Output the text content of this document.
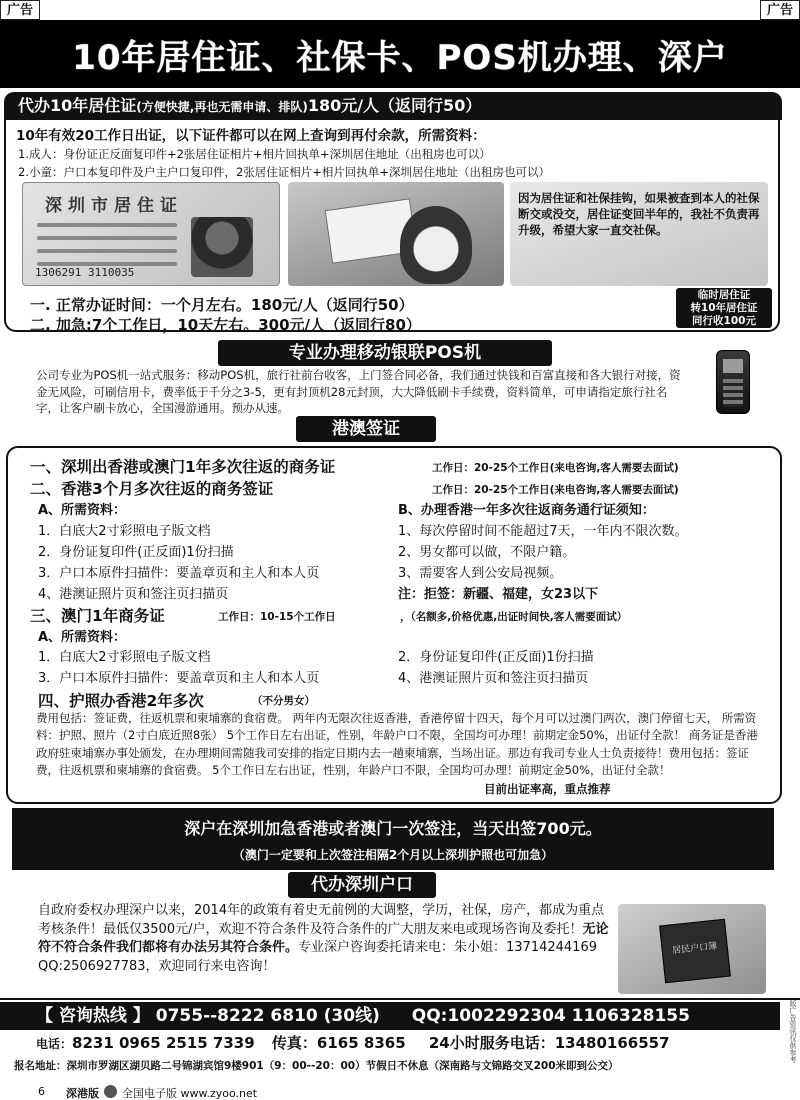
广告	广告
10年居住证、社保卡、POS机办理、深户
代办10年居住证(方便快捷,再也无需申请、排队)180元/人（返同行50）
10年有效20工作日出证，以下证件都可以在网上查询到再付余款，所需资料：
1.成人：身份证正反面复印件+2张居住证相片+相片回执单+深圳居住地址（出租房也可以）
2.小童：户口本复印件及户主户口复印件，2张居住证相片+相片回执单+深圳居住地址（出租房也可以）
深圳市居住证
1306291 3110035
因为居住证和社保挂钩，如果被查到本人的社保断交或没交，居住证变回半年的，我社不负责再升级，希望大家一直交社保。
一. 正常办证时间：一个月左右。180元/人（返同行50）
二. 加急:7个工作日，10天左右。300元/人（返同行80）
临时居住证
转10年居住证
同行收100元
专业办理移动银联POS机
公司专业为POS机一站式服务：移动POS机，旅行社前台收客，上门签合同必备，我们通过快钱和百富直接和各大银行对接，资金无风险，可刷信用卡，费率低于千分之3-5，更有封顶机28元封顶，大大降低刷卡手续费，资料简单，可申请指定旅行社名字，让客户刷卡放心，全国漫游通用。预办从速。
港澳签证
一、深圳出香港或澳门1年多次往返的商务证	工作日：20-25个工作日(来电咨询,客人需要去面试)
二、香港3个月多次往返的商务签证	工作日：20-25个工作日(来电咨询,客人需要去面试)
A、所需资料：
1．白底大2寸彩照电子版文档
2．身份证复印件(正反面)1份扫描
3．户口本原件扫描件：要盖章页和主人和本人页
4、港澳证照片页和签注页扫描页
B、办理香港一年多次往返商务通行证须知：
1、每次停留时间不能超过7天，一年内不限次数。
2、男女都可以做，不限户籍。
3、需要客人到公安局视频。
注：拒签：新疆、福建，女23以下
三、澳门1年商务证	工作日：10-15个工作日	，（名额多,价格优惠,出证时间快,客人需要面试）
A、所需资料：
1．白底大2寸彩照电子版文档	2．身份证复印件(正反面)1份扫描
3．户口本原件扫描件：要盖章页和主人和本人页	4、港澳证照片页和签注页扫描页
四、护照办香港2年多次	（不分男女）
费用包括：签证费，往返机票和柬埔寨的食宿费。 两年内无限次往返香港，香港停留十四天，每个月可以过澳门两次，澳门停留七天， 所需资料：护照、照片（2寸白底近照8张） 5个工作日左右出证，性别，年龄户口不限，全国均可办理！前期定金50%，出证付全款！ 商务证是香港政府驻柬埔寨办事处颁发，在办理期间需随我司安排的指定日期内去一趟柬埔寨，当场出证。那边有我司专业人士负责接待！费用包括：签证费，往返机票和柬埔寨的食宿费。 5个工作日左右出证，性别，年龄户口不限，全国均可办理！前期定金50%，出证付全款！
目前出证率高，重点推荐
深户在深圳加急香港或者澳门一次签注，当天出签700元。
（澳门一定要和上次签注相隔2个月以上深圳护照也可加急）
代办深圳户口
自政府委权办理深户以来，2014年的政策有着史无前例的大调整，学历，社保，房产，都成为重点考核条件！最低仅3500元/户，欢迎不符合条件及符合条件的广大朋友来电或现场咨询及委托！无论符不符合条件我们都将有办法另其符合条件。专业深户咨询委托请来电：朱小姐：13714244169 QQ:2506927783，欢迎同行来电咨询！
居民户口簿
【 咨询热线 】 0755--8222 6810 (30线) QQ:1002292304 1106328155
电话：8231 0965 2515 7339 传真：6165 8365 24小时服务电话：13480166557
报名地址：深圳市罗湖区湖贝路二号锦湖宾馆9楼901（9：00--20：00）节假日不休息（深南路与文锦路交叉200米即到公交）
6 深港版 全国电子版 www.zyoo.net
版广告资讯仅供参考
